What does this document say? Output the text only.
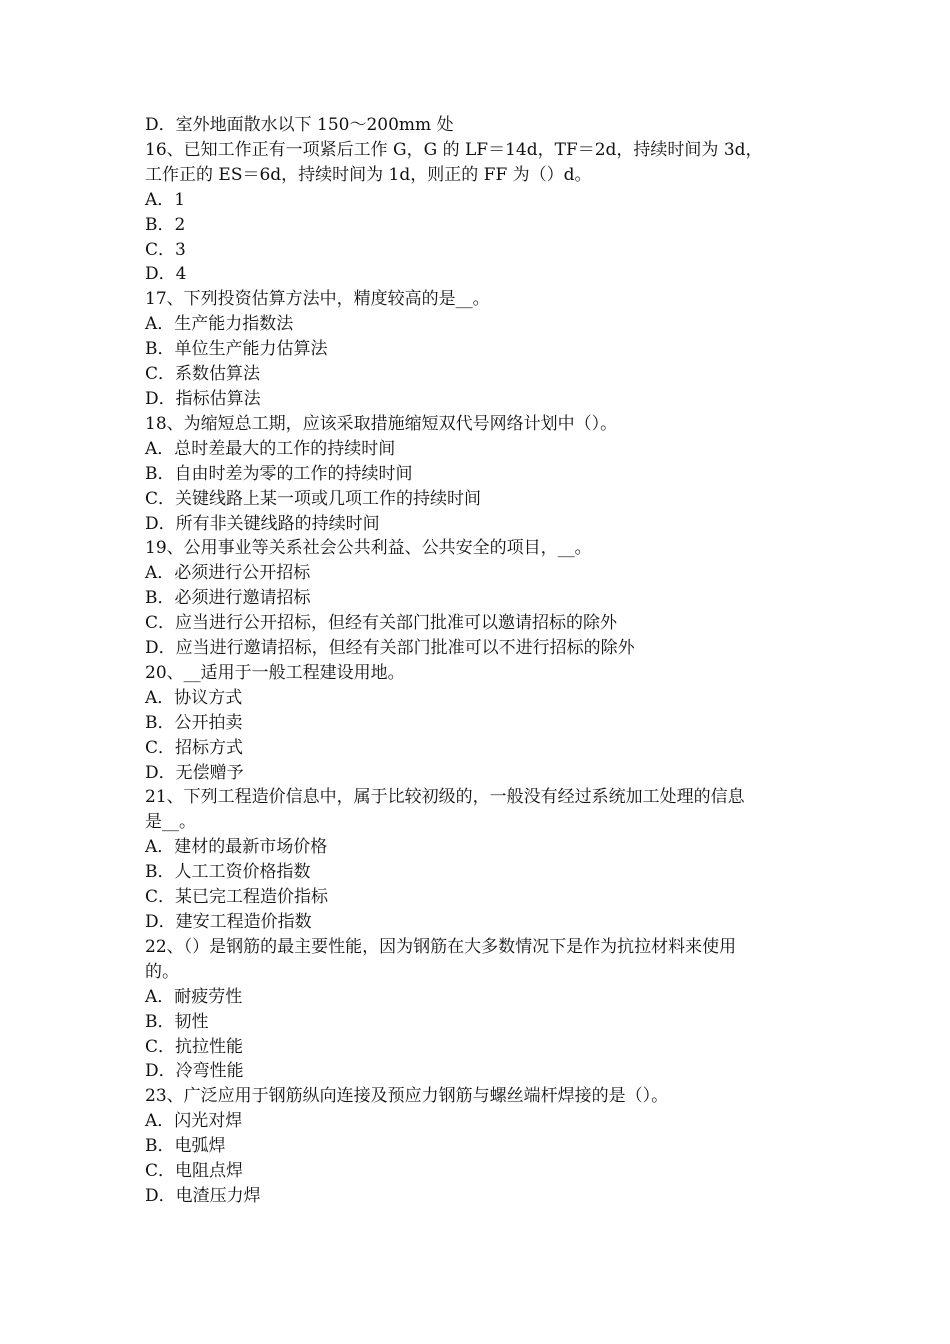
D．室外地面散水以下 150～200mm 处
16、已知工作正有一项紧后工作 G，G 的 LF＝14d，TF＝2d，持续时间为 3d，
工作正的 ES＝6d，持续时间为 1d，则正的 FF 为（）d。
A．1
B．2
C．3
D．4
17、下列投资估算方法中，精度较高的是__。
A．生产能力指数法
B．单位生产能力估算法
C．系数估算法
D．指标估算法
18、为缩短总工期，应该采取措施缩短双代号网络计划中（）。
A．总时差最大的工作的持续时间
B．自由时差为零的工作的持续时间
C．关键线路上某一项或几项工作的持续时间
D．所有非关键线路的持续时间
19、公用事业等关系社会公共利益、公共安全的项目，__。
A．必须进行公开招标
B．必须进行邀请招标
C．应当进行公开招标，但经有关部门批准可以邀请招标的除外
D．应当进行邀请招标，但经有关部门批准可以不进行招标的除外
20、__适用于一般工程建设用地。
A．协议方式
B．公开拍卖
C．招标方式
D．无偿赠予
21、下列工程造价信息中，属于比较初级的，一般没有经过系统加工处理的信息
是__。
A．建材的最新市场价格
B．人工工资价格指数
C．某已完工程造价指标
D．建安工程造价指数
22、（）是钢筋的最主要性能，因为钢筋在大多数情况下是作为抗拉材料来使用
的。
A．耐疲劳性
B．韧性
C．抗拉性能
D．冷弯性能
23、广泛应用于钢筋纵向连接及预应力钢筋与螺丝端杆焊接的是（）。
A．闪光对焊
B．电弧焊
C．电阻点焊
D．电渣压力焊
